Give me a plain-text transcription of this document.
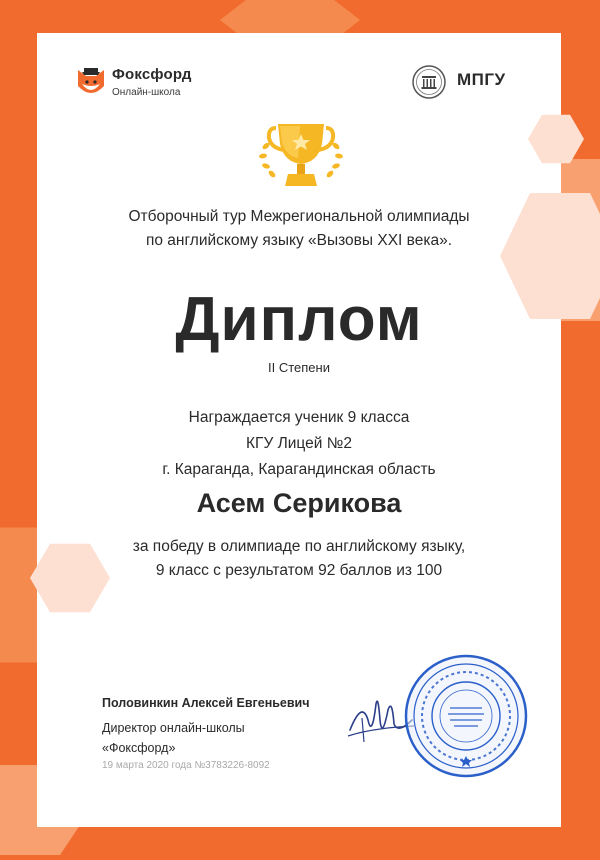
Фоксфорд
Онлайн-школа
МПГУ
Отборочный тур Межрегиональной олимпиады
по английскому языку «Вызовы XXI века».
Диплом
II Степени
Награждается ученик 9 класса
КГУ Лицей №2
г. Караганда, Карагандинская область
Асем Серикова
за победу в олимпиаде по английскому языку,
9 класс с результатом 92 баллов из 100
Половинкин Алексей Евгеньевич
Директор онлайн-школы
«Фоксфорд»
19 марта 2020 года №3783226-8092
